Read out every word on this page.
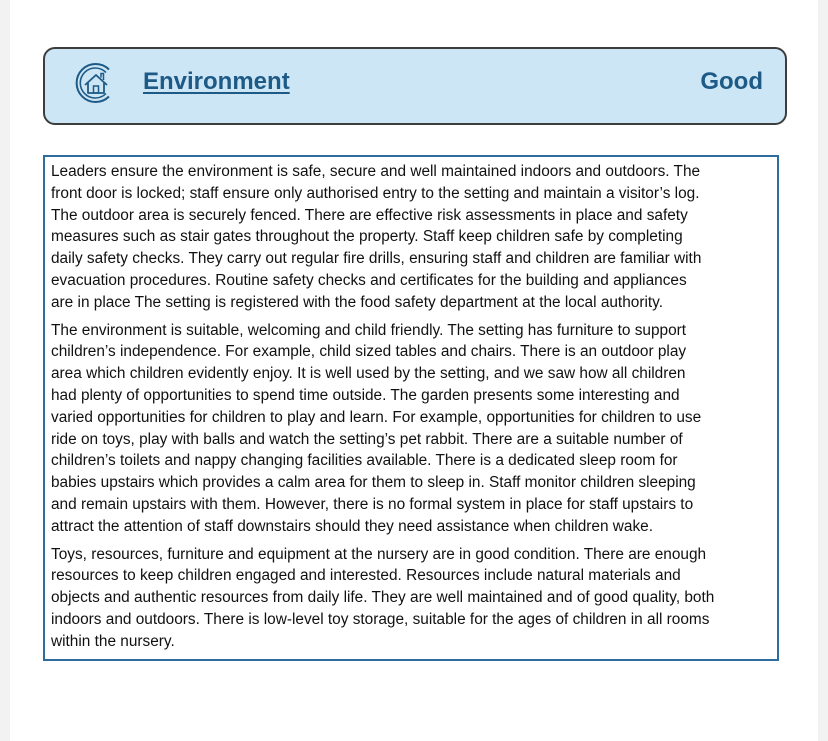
Environment	Good

Leaders ensure the environment is safe, secure and well maintained indoors and outdoors. The
front door is locked; staff ensure only authorised entry to the setting and maintain a visitor’s log.
The outdoor area is securely fenced. There are effective risk assessments in place and safety
measures such as stair gates throughout the property. Staff keep children safe by completing
daily safety checks. They carry out regular fire drills, ensuring staff and children are familiar with
evacuation procedures. Routine safety checks and certificates for the building and appliances
are in place The setting is registered with the food safety department at the local authority.

The environment is suitable, welcoming and child friendly. The setting has furniture to support
children’s independence. For example, child sized tables and chairs. There is an outdoor play
area which children evidently enjoy. It is well used by the setting, and we saw how all children
had plenty of opportunities to spend time outside. The garden presents some interesting and
varied opportunities for children to play and learn. For example, opportunities for children to use
ride on toys, play with balls and watch the setting’s pet rabbit. There are a suitable number of
children’s toilets and nappy changing facilities available. There is a dedicated sleep room for
babies upstairs which provides a calm area for them to sleep in. Staff monitor children sleeping
and remain upstairs with them. However, there is no formal system in place for staff upstairs to
attract the attention of staff downstairs should they need assistance when children wake.

Toys, resources, furniture and equipment at the nursery are in good condition. There are enough
resources to keep children engaged and interested. Resources include natural materials and
objects and authentic resources from daily life. They are well maintained and of good quality, both
indoors and outdoors. There is low-level toy storage, suitable for the ages of children in all rooms
within the nursery.
